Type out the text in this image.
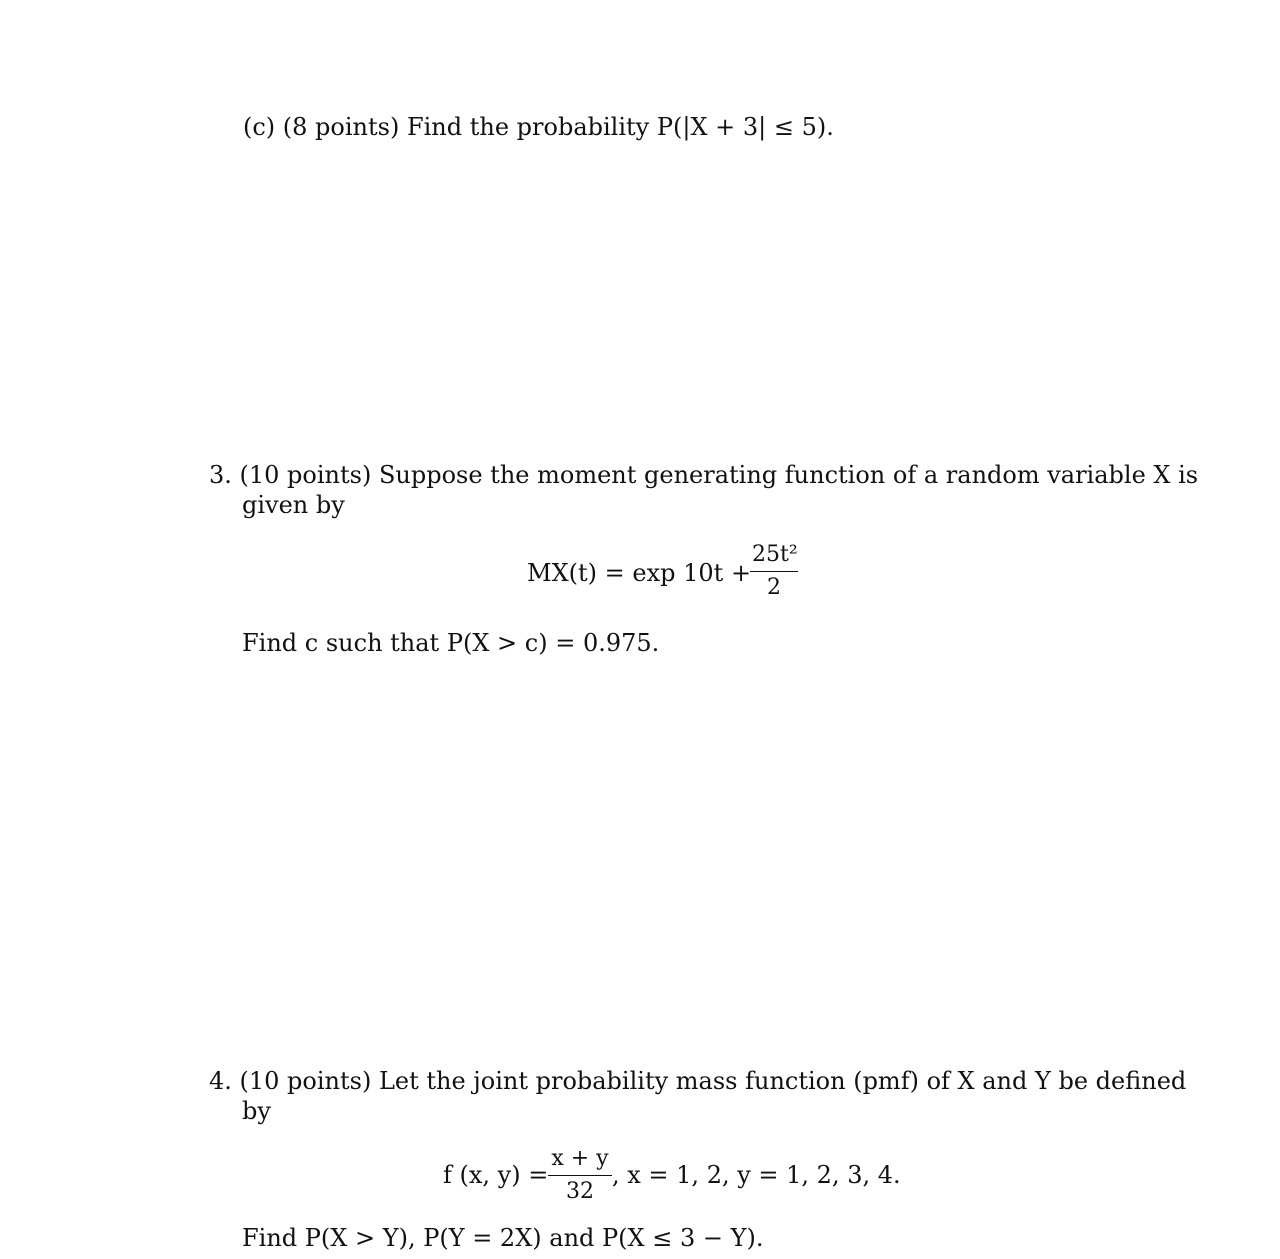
(c) (8 points) Find the probability P(|X + 3| ≤ 5).
3. (10 points) Suppose the moment generating function of a random variable X is
given by
MX(t) = exp 10t +
$\frac{\text{25t²}}{2}$
Find c such that P(X > c) = 0.975.
4. (10 points) Let the joint probability mass function (pmf) of X and Y be defined
by
f (x, $y) = \frac{x + y}{32}$ , x = 1, 2, y = 1, 2, 3, 4.
Find P(X > Y), P(Y = 2X) and P(X ≤ 3 − Y).
